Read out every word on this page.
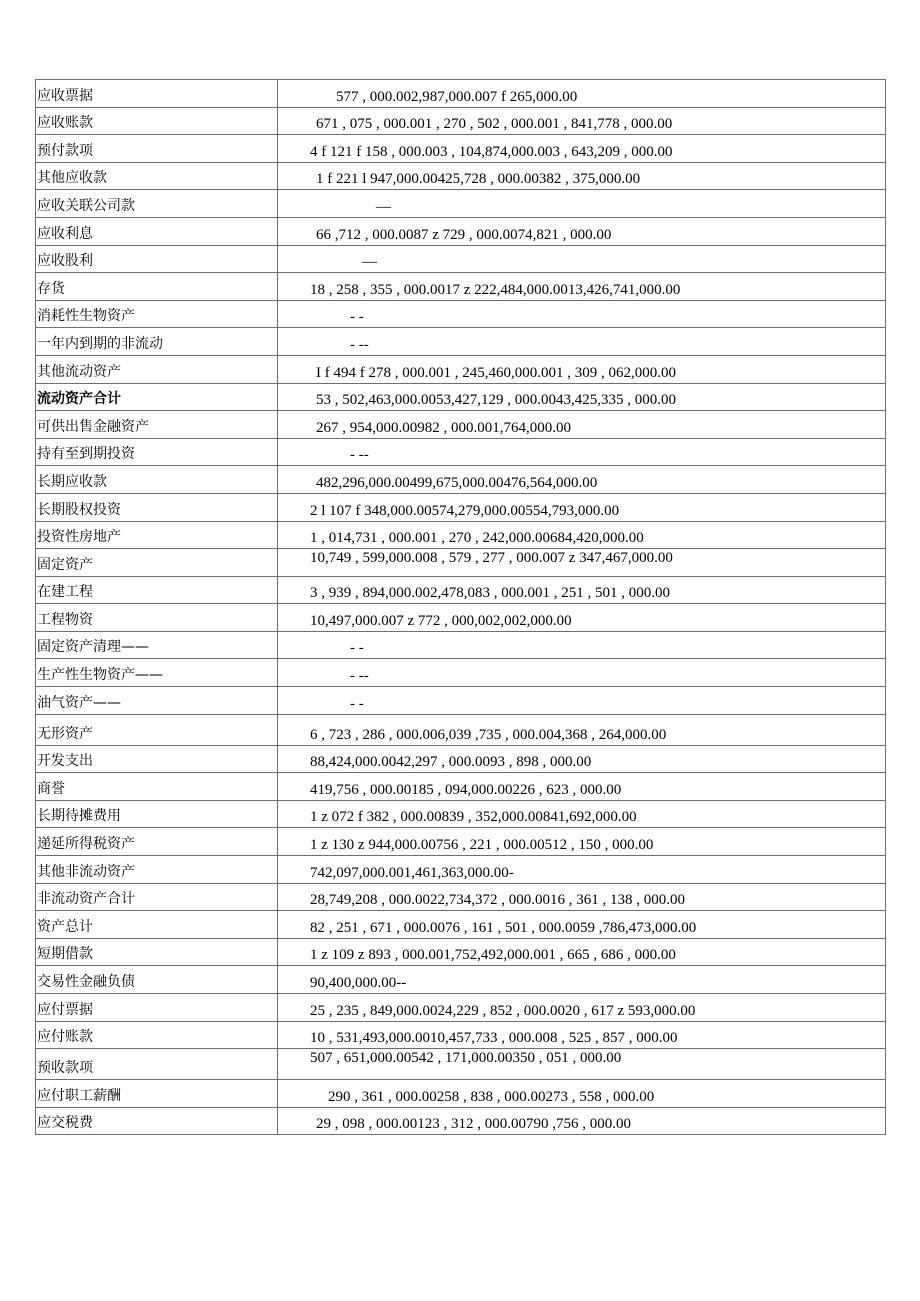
应收票据	577 , 000.002,987,000.007 f 265,000.00
应收账款	671 , 075 , 000.001 , 270 , 502 , 000.001 , 841,778 , 000.00
预付款项	4 f 121 f 158 , 000.003 , 104,874,000.003 , 643,209 , 000.00
其他应收款	1 f 221 l 947,000.00425,728 , 000.00382 , 375,000.00
应收关联公司款	—
应收利息	66 ,712 , 000.0087 z 729 , 000.0074,821 , 000.00
应收股利	—
存货	18 , 258 , 355 , 000.0017 z 222,484,000.0013,426,741,000.00
消耗性生物资产	- -
一年内到期的非流动	- --
其他流动资产	I f 494 f 278 , 000.001 , 245,460,000.001 , 309 , 062,000.00
流动资产合计	53 , 502,463,000.0053,427,129 , 000.0043,425,335 , 000.00
可供出售金融资产	267 , 954,000.00982 , 000.001,764,000.00
持有至到期投资	- --
长期应收款	482,296,000.00499,675,000.00476,564,000.00
长期股权投资	2 l 107 f 348,000.00574,279,000.00554,793,000.00
投资性房地产	1 , 014,731 , 000.001 , 270 , 242,000.00684,420,000.00
固定资产	10,749 , 599,000.008 , 579 , 277 , 000.007 z 347,467,000.00
在建工程	3 , 939 , 894,000.002,478,083 , 000.001 , 251 , 501 , 000.00
工程物资	10,497,000.007 z 772 , 000,002,002,000.00
固定资产清理——	- -
生产性生物资产——	- --
油气资产——	- -
无形资产	6 , 723 , 286 , 000.006,039 ,735 , 000.004,368 , 264,000.00
开发支出	88,424,000.0042,297 , 000.0093 , 898 , 000.00
商誉	419,756 , 000.00185 , 094,000.00226 , 623 , 000.00
长期待摊费用	1 z 072 f 382 , 000.00839 , 352,000.00841,692,000.00
递延所得税资产	1 z 130 z 944,000.00756 , 221 , 000.00512 , 150 , 000.00
其他非流动资产	742,097,000.001,461,363,000.00-
非流动资产合计	28,749,208 , 000.0022,734,372 , 000.0016 , 361 , 138 , 000.00
资产总计	82 , 251 , 671 , 000.0076 , 161 , 501 , 000.0059 ,786,473,000.00
短期借款	1 z 109 z 893 , 000.001,752,492,000.001 , 665 , 686 , 000.00
交易性金融负债	90,400,000.00--
应付票据	25 , 235 , 849,000.0024,229 , 852 , 000.0020 , 617 z 593,000.00
应付账款	10 , 531,493,000.0010,457,733 , 000.008 , 525 , 857 , 000.00
预收款项	507 , 651,000.00542 , 171,000.00350 , 051 , 000.00
应付职工薪酬	290 , 361 , 000.00258 , 838 , 000.00273 , 558 , 000.00
应交税费	29 , 098 , 000.00123 , 312 , 000.00790 ,756 , 000.00
